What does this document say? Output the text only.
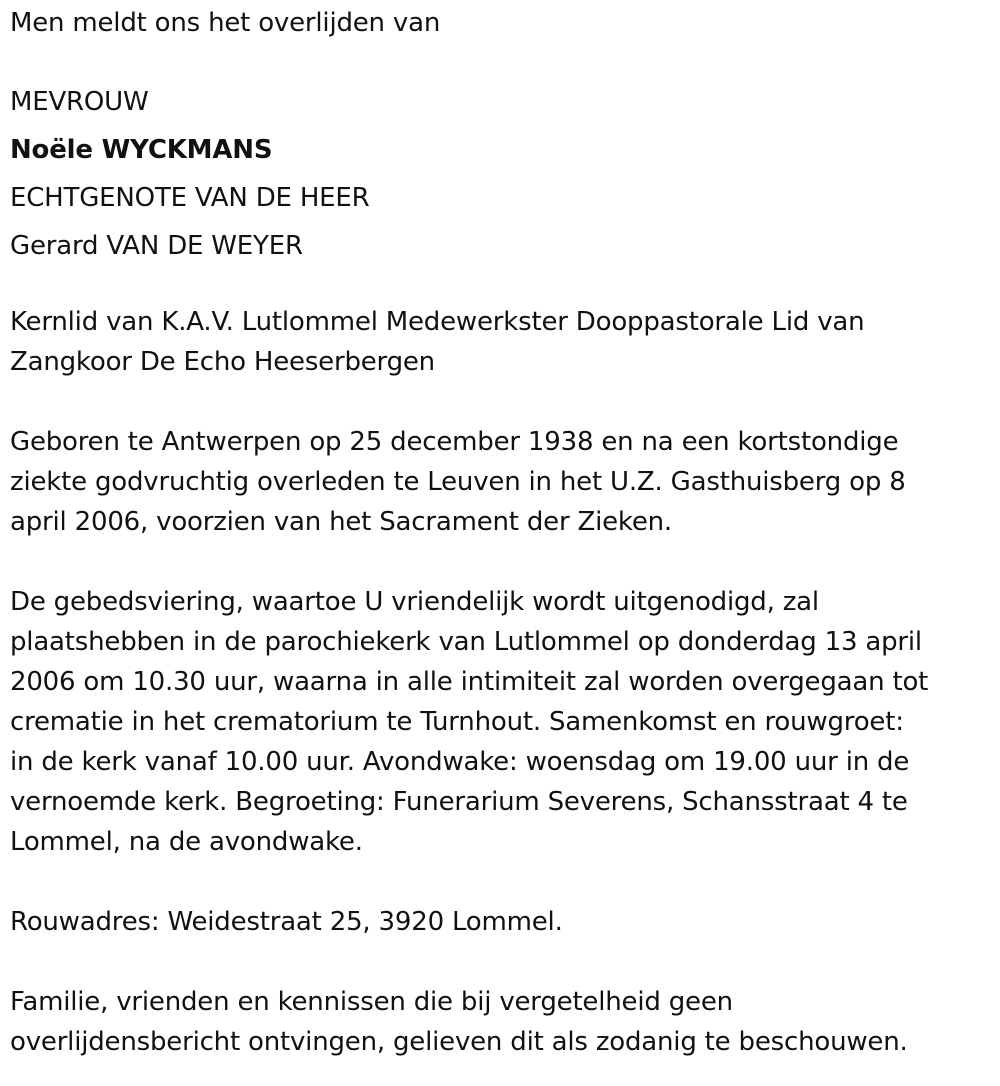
Men meldt ons het overlijden van
MEVROUW
Noële WYCKMANS
ECHTGENOTE VAN DE HEER
Gerard VAN DE WEYER
Kernlid van K.A.V. Lutlommel Medewerkster Dooppastorale Lid van
Zangkoor De Echo Heeserbergen
Geboren te Antwerpen op 25 december 1938 en na een kortstondige
ziekte godvruchtig overleden te Leuven in het U.Z. Gasthuisberg op 8
april 2006, voorzien van het Sacrament der Zieken.
De gebedsviering, waartoe U vriendelijk wordt uitgenodigd, zal
plaatshebben in de parochiekerk van Lutlommel op donderdag 13 april
2006 om 10.30 uur, waarna in alle intimiteit zal worden overgegaan tot
crematie in het crematorium te Turnhout. Samenkomst en rouwgroet:
in de kerk vanaf 10.00 uur. Avondwake: woensdag om 19.00 uur in de
vernoemde kerk. Begroeting: Funerarium Severens, Schansstraat 4 te
Lommel, na de avondwake.
Rouwadres: Weidestraat 25, 3920 Lommel.
Familie, vrienden en kennissen die bij vergetelheid geen
overlijdensbericht ontvingen, gelieven dit als zodanig te beschouwen.
